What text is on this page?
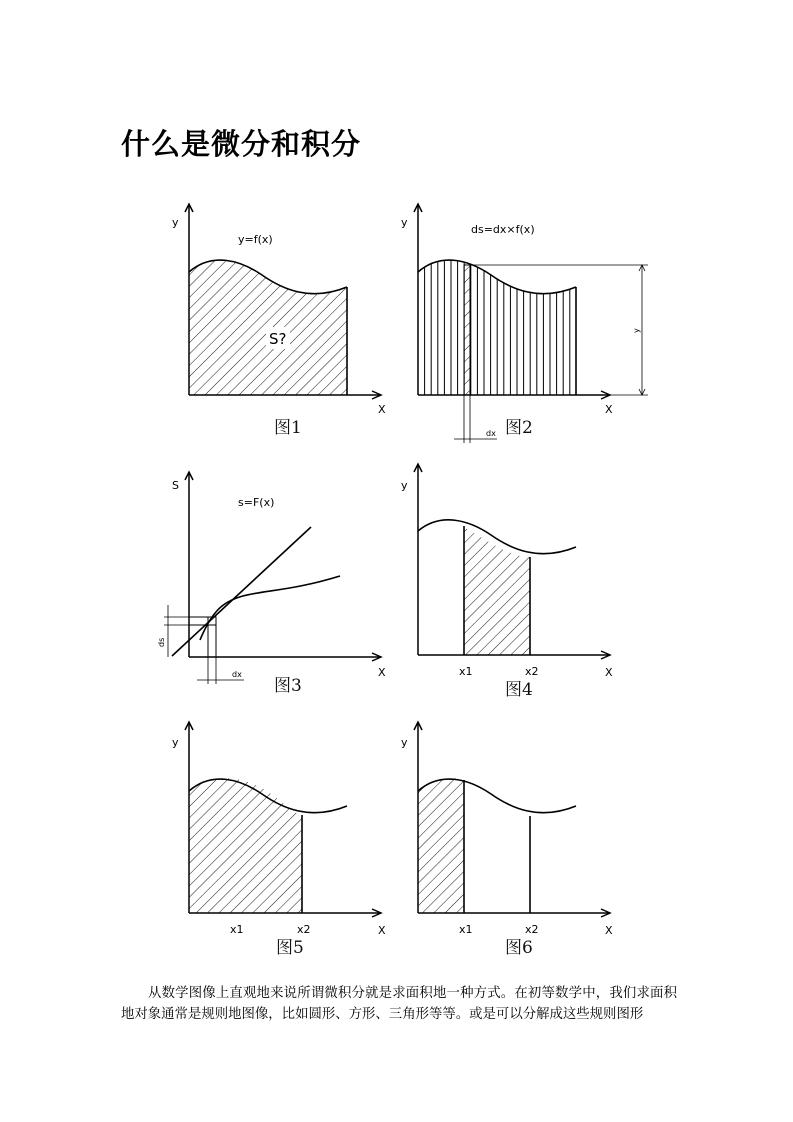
什么是微分和积分
y
X
y=f(x)
S?
图1
y
dx
y
X
ds=dx×f(x)
图2
ds
dx
S
X
s=F(x)
图3
y
X
x1	x2
图4
y
X
x1	x2
图5
y
X
x1	x2
图6

从数学图像上直观地来说所谓微积分就是求面积地一种方式。在初等数学中，我们求面积地对象通常是规则地图像，比如圆形、方形、三角形等等。或是可以分解成这些规则图形
